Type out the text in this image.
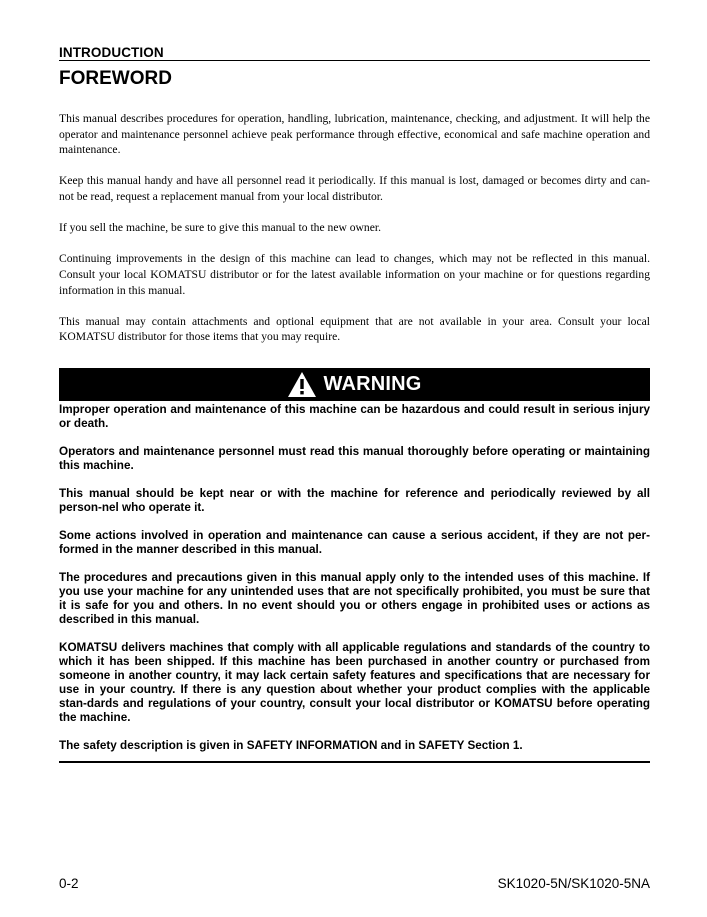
INTRODUCTION
FOREWORD

This manual describes procedures for operation, handling, lubrication, maintenance, checking, and adjustment. It will help the operator and maintenance personnel achieve peak performance through effective, economical and safe machine operation and maintenance.

Keep this manual handy and have all personnel read it periodically. If this manual is lost, damaged or becomes dirty and can-not be read, request a replacement manual from your local distributor.

If you sell the machine, be sure to give this manual to the new owner.

Continuing improvements in the design of this machine can lead to changes, which may not be reflected in this manual. Consult your local KOMATSU distributor or for the latest available information on your machine or for questions regarding information in this manual.

This manual may contain attachments and optional equipment that are not available in your area. Consult your local KOMATSU distributor for those items that you may require.

WARNING

Improper operation and maintenance of this machine can be hazardous and could result in serious injury or death.

Operators and maintenance personnel must read this manual thoroughly before operating or maintaining this machine.

This manual should be kept near or with the machine for reference and periodically reviewed by all person-nel who operate it.

Some actions involved in operation and maintenance can cause a serious accident, if they are not per-formed in the manner described in this manual.

The procedures and precautions given in this manual apply only to the intended uses of this machine. If you use your machine for any unintended uses that are not specifically prohibited, you must be sure that it is safe for you and others. In no event should you or others engage in prohibited uses or actions as described in this manual.

KOMATSU delivers machines that comply with all applicable regulations and standards of the country to which it has been shipped. If this machine has been purchased in another country or purchased from someone in another country, it may lack certain safety features and specifications that are necessary for use in your country. If there is any question about whether your product complies with the applicable stan-dards and regulations of your country, consult your local distributor or KOMATSU before operating the machine.

The safety description is given in SAFETY INFORMATION and in SAFETY Section 1.

0-2	SK1020-5N/SK1020-5NA
